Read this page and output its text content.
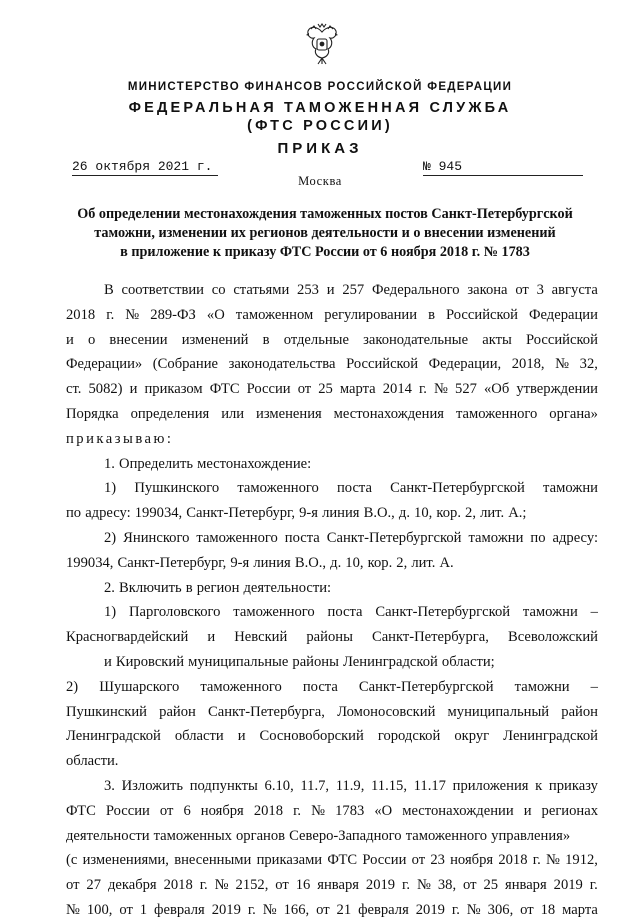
МИНИСТЕРСТВО ФИНАНСОВ РОССИЙСКОЙ ФЕДЕРАЦИИ
ФЕДЕРАЛЬНАЯ ТАМОЖЕННАЯ СЛУЖБА
(ФТС РОССИИ)
ПРИКАЗ
26 октября 2021 г.	№ 945
Москва
Об определении местонахождения таможенных постов Санкт-Петербургской
таможни, изменении их регионов деятельности и о внесении изменений
в приложение к приказу ФТС России от 6 ноября 2018 г. № 1783
В соответствии со статьями 253 и 257 Федерального закона от 3 августа
2018 г. № 289-ФЗ «О таможенном регулировании в Российской Федерации
и о внесении изменений в отдельные законодательные акты Российской
Федерации» (Собрание законодательства Российской Федерации, 2018, № 32,
ст. 5082) и приказом ФТС России от 25 марта 2014 г. № 527 «Об утверждении
Порядка определения или изменения местонахождения таможенного органа»
приказываю:
1. Определить местонахождение:
1) Пушкинского таможенного поста Санкт-Петербургской таможни
по адресу: 199034, Санкт-Петербург, 9-я линия В.О., д. 10, кор. 2, лит. А.;
2) Янинского таможенного поста Санкт-Петербургской таможни по адресу:
199034, Санкт-Петербург, 9-я линия В.О., д. 10, кор. 2, лит. А.
2. Включить в регион деятельности:
1) Парголовского таможенного поста Санкт-Петербургской таможни –
Красногвардейский и Невский районы Санкт-Петербурга, Всеволожский
и Кировский муниципальные районы Ленинградской области;
2) Шушарского таможенного поста Санкт-Петербургской таможни –
Пушкинский район Санкт-Петербурга, Ломоносовский муниципальный район
Ленинградской области и Сосновоборский городской округ Ленинградской
области.
3. Изложить подпункты 6.10, 11.7, 11.9, 11.15, 11.17 приложения к приказу
ФТС России от 6 ноября 2018 г. № 1783 «О местонахождении и регионах
деятельности таможенных органов Северо-Западного таможенного управления»
(с изменениями, внесенными приказами ФТС России от 23 ноября 2018 г. № 1912,
от 27 декабря 2018 г. № 2152, от 16 января 2019 г. № 38, от 25 января 2019 г.
№ 100, от 1 февраля 2019 г. № 166, от 21 февраля 2019 г. № 306, от 18 марта
